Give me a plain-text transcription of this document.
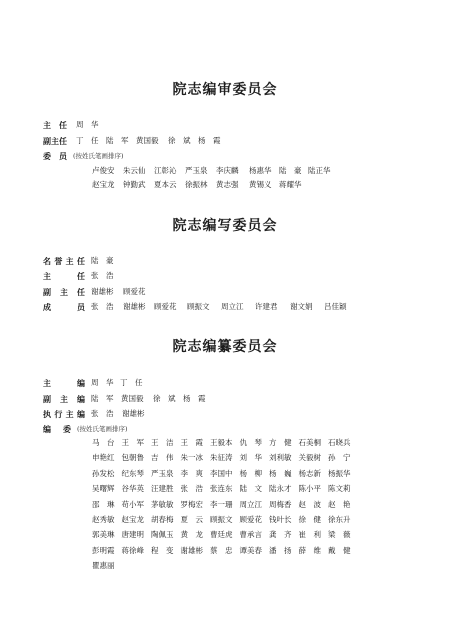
院志编审委员会
主　任 周　华
副主任 丁　任 陆　军 黄国毅 徐　斌 杨　霞
委　员 (按姓氏笔画排序)
卢俊安 朱云仙 江彰沁 严玉泉 李庆麟 杨惠华 陆　豪 陆正华
赵宝龙 钟勤武 夏本云 徐振林 黄志强 黄锡义 蒋耀华
院志编写委员会
名誉主任 陆　豪
主　任 张　浩
副主任 谢雄彬 顾爱花
成　员 张　浩 谢雄彬 顾爱花 顾振文 周立江 许建君 谢文娟 吕佳颖
院志编纂委员会
主　编 周　华 丁　任
副主编 陆　军 黄国毅 徐　斌 杨　霞
执行主编 张　浩 谢雄彬
编　委 (按姓氏笔画排序)
马　台 王　军 王　洁 王　霞 王毅本 仇　琴 方　健 石美桐 石晓兵
申艳红 包朝鲁 吉　伟 朱一冰 朱征涛 刘　华 刘利敏 关毅树 孙　宁
孙发松 纪东琴 严玉泉 李　爽 李国中 杨　柳 杨　巍 杨志新 杨振华
吴曙辉 谷华英 汪建胜 张　浩 张连东 陆　文 陆永才 陈小平 陈文莉
邵　琳 苟小军 茅敏敏 罗梅宏 李一珊 周立江 周梅香 赵　波 赵　艳
赵秀敏 赵宝龙 胡春梅 夏　云 顾振文 顾爱花 钱叶长 徐　健 徐东升
郭美琳 唐建明 陶佩玉 黄　龙 曹廷虎 曹承言 龚　齐 崔　利 梁　薇
彭明霞 蒋徐峰 程　变 谢雄彬 蔡　忠 谭美春 潘　扬 薛　维 戴　健
瞿惠丽
